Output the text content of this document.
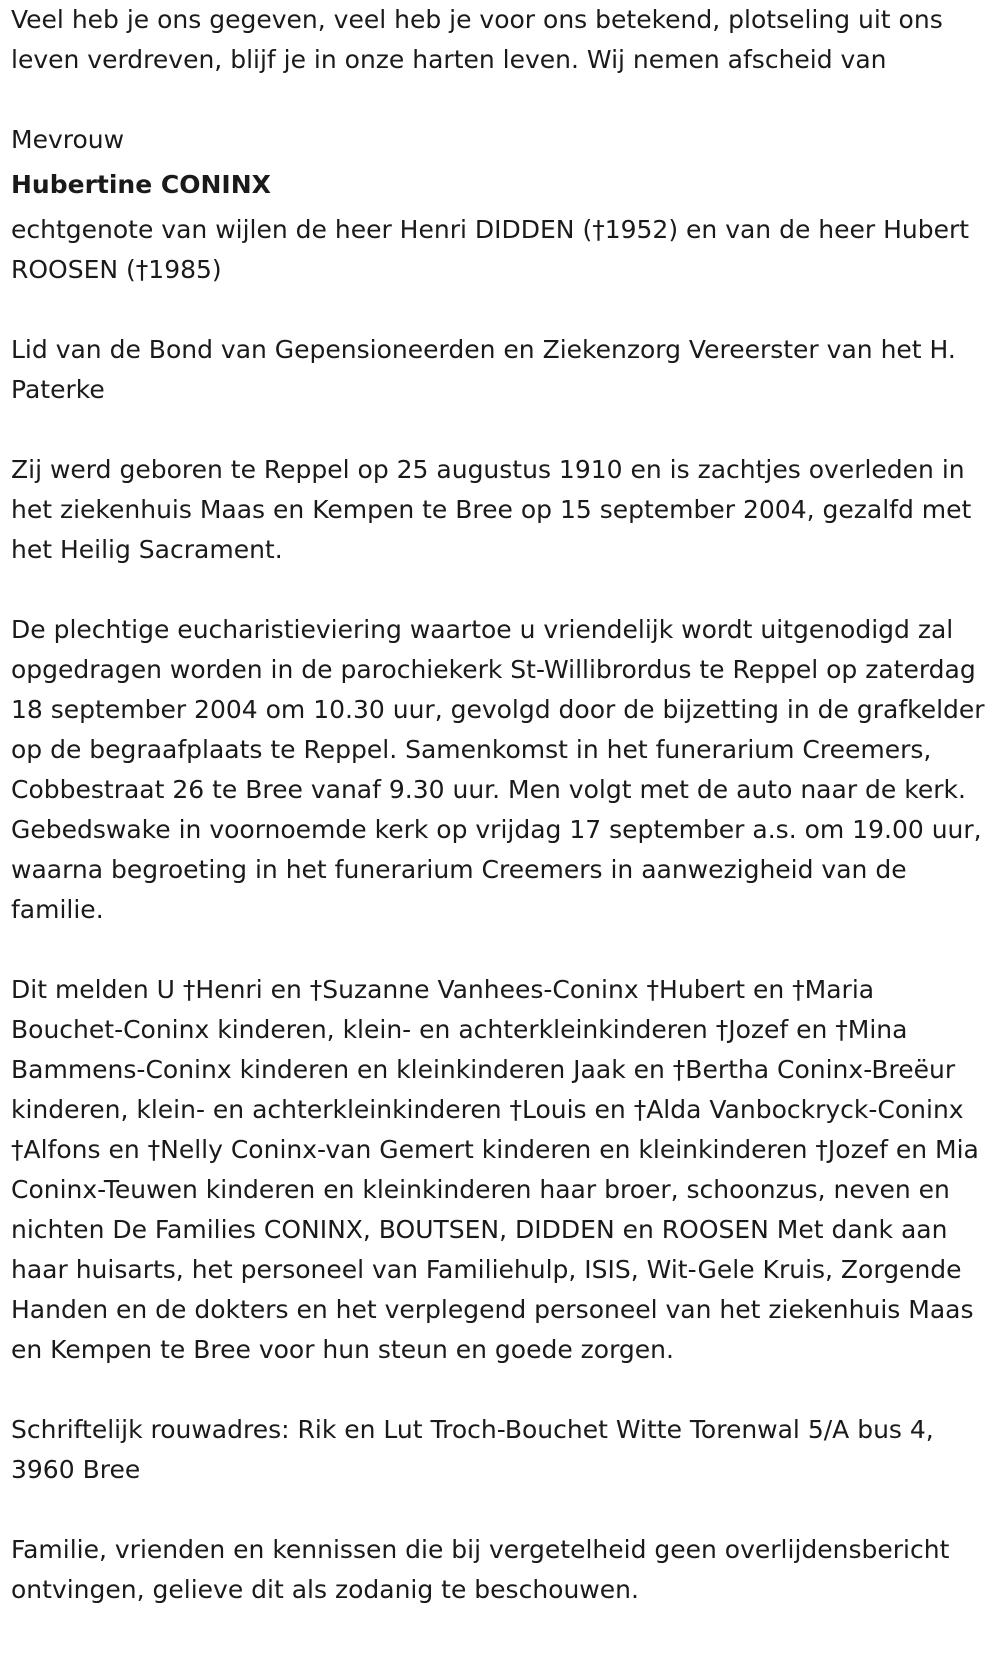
Veel heb je ons gegeven, veel heb je voor ons betekend, plotseling uit ons leven verdreven, blijf je in onze harten leven. Wij nemen afscheid van

Mevrouw

Hubertine CONINX

echtgenote van wijlen de heer Henri DIDDEN (†1952) en van de heer Hubert ROOSEN (†1985)

Lid van de Bond van Gepensioneerden en Ziekenzorg Vereerster van het H. Paterke

Zij werd geboren te Reppel op 25 augustus 1910 en is zachtjes overleden in het ziekenhuis Maas en Kempen te Bree op 15 september 2004, gezalfd met het Heilig Sacrament.

De plechtige eucharistieviering waartoe u vriendelijk wordt uitgenodigd zal opgedragen worden in de parochiekerk St-Willibrordus te Reppel op zaterdag 18 september 2004 om 10.30 uur, gevolgd door de bijzetting in de grafkelder op de begraafplaats te Reppel. Samenkomst in het funerarium Creemers, Cobbestraat 26 te Bree vanaf 9.30 uur. Men volgt met de auto naar de kerk. Gebedswake in voornoemde kerk op vrijdag 17 september a.s. om 19.00 uur, waarna begroeting in het funerarium Creemers in aanwezigheid van de familie.

Dit melden U †Henri en †Suzanne Vanhees-Coninx †Hubert en †Maria Bouchet-Coninx kinderen, klein- en achterkleinkinderen †Jozef en †Mina Bammens-Coninx kinderen en kleinkinderen Jaak en †Bertha Coninx-Breëur kinderen, klein- en achterkleinkinderen †Louis en †Alda Vanbockryck-Coninx †Alfons en †Nelly Coninx-van Gemert kinderen en kleinkinderen †Jozef en Mia Coninx-Teuwen kinderen en kleinkinderen haar broer, schoonzus, neven en nichten De Families CONINX, BOUTSEN, DIDDEN en ROOSEN Met dank aan haar huisarts, het personeel van Familiehulp, ISIS, Wit-Gele Kruis, Zorgende Handen en de dokters en het verplegend personeel van het ziekenhuis Maas en Kempen te Bree voor hun steun en goede zorgen.

Schriftelijk rouwadres: Rik en Lut Troch-Bouchet Witte Torenwal 5/A bus 4, 3960 Bree

Familie, vrienden en kennissen die bij vergetelheid geen overlijdensbericht ontvingen, gelieve dit als zodanig te beschouwen.
